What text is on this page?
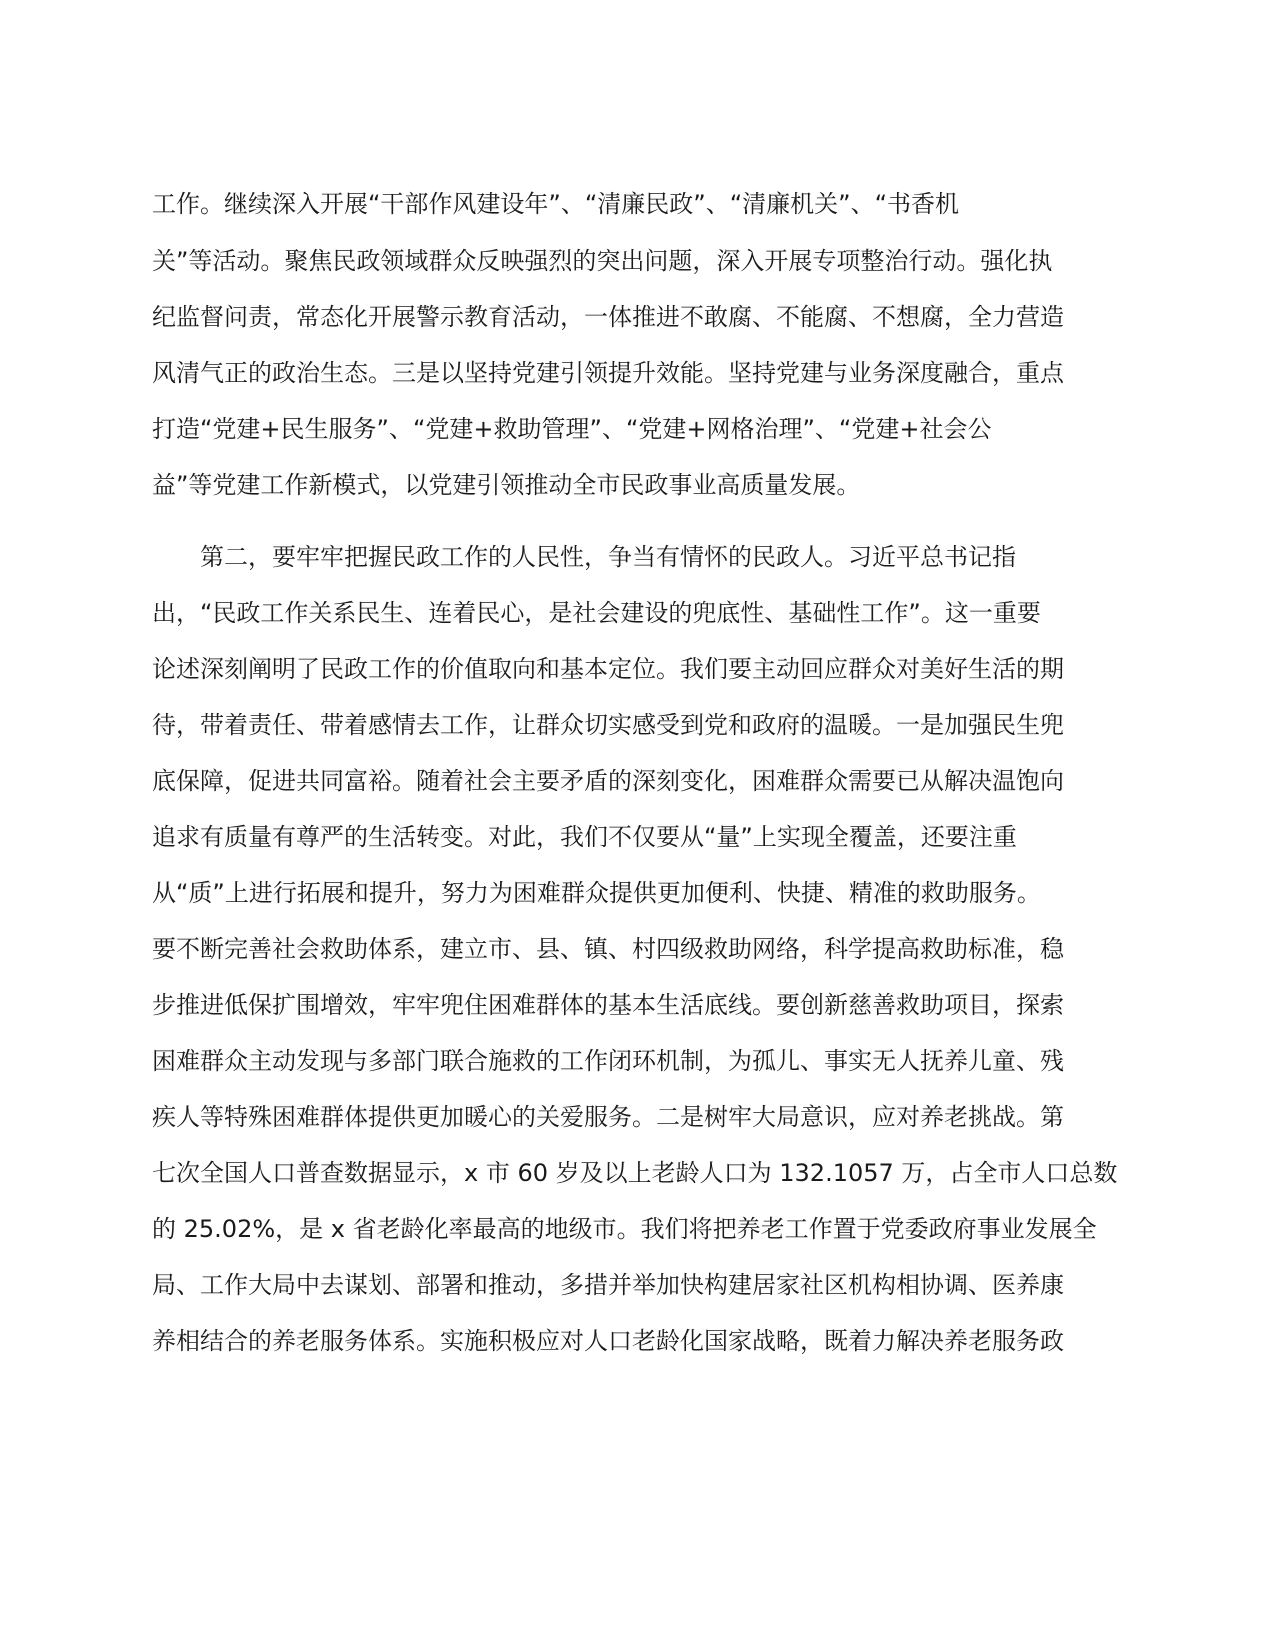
工作。继续深入开展“干部作风建设年”、“清廉民政”、“清廉机关”、“书香机
关”等活动。聚焦民政领域群众反映强烈的突出问题，深入开展专项整治行动。强化执
纪监督问责，常态化开展警示教育活动，一体推进不敢腐、不能腐、不想腐，全力营造
风清气正的政治生态。三是以坚持党建引领提升效能。坚持党建与业务深度融合，重点
打造“党建+民生服务”、“党建+救助管理”、“党建+网格治理”、“党建+社会公
益”等党建工作新模式，以党建引领推动全市民政事业高质量发展。
第二，要牢牢把握民政工作的人民性，争当有情怀的民政人。习近平总书记指
出，“民政工作关系民生、连着民心，是社会建设的兜底性、基础性工作”。这一重要
论述深刻阐明了民政工作的价值取向和基本定位。我们要主动回应群众对美好生活的期
待，带着责任、带着感情去工作，让群众切实感受到党和政府的温暖。一是加强民生兜
底保障，促进共同富裕。随着社会主要矛盾的深刻变化，困难群众需要已从解决温饱向
追求有质量有尊严的生活转变。对此，我们不仅要从“量”上实现全覆盖，还要注重
从“质”上进行拓展和提升，努力为困难群众提供更加便利、快捷、精准的救助服务。
要不断完善社会救助体系，建立市、县、镇、村四级救助网络，科学提高救助标准，稳
步推进低保扩围增效，牢牢兜住困难群体的基本生活底线。要创新慈善救助项目，探索
困难群众主动发现与多部门联合施救的工作闭环机制，为孤儿、事实无人抚养儿童、残
疾人等特殊困难群体提供更加暖心的关爱服务。二是树牢大局意识，应对养老挑战。第
七次全国人口普查数据显示，x 市 60 岁及以上老龄人口为 132.1057 万，占全市人口总数
的 25.02%，是 x 省老龄化率最高的地级市。我们将把养老工作置于党委政府事业发展全
局、工作大局中去谋划、部署和推动，多措并举加快构建居家社区机构相协调、医养康
养相结合的养老服务体系。实施积极应对人口老龄化国家战略，既着力解决养老服务政
